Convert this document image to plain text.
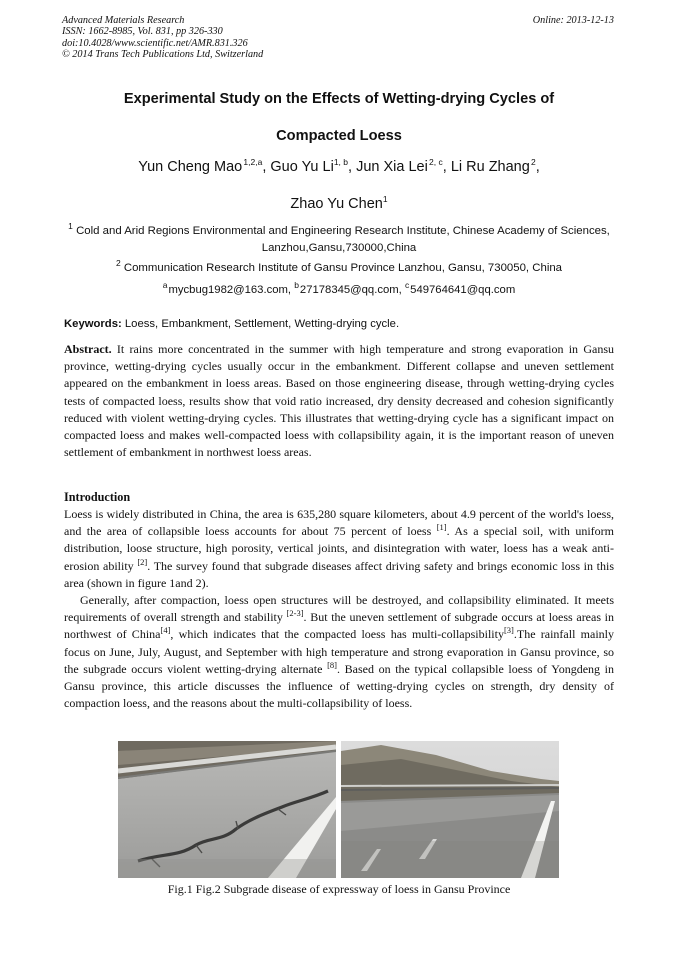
Advanced Materials Research
ISSN: 1662-8985, Vol. 831, pp 326-330
doi:10.4028/www.scientific.net/AMR.831.326
© 2014 Trans Tech Publications Ltd, Switzerland
Online: 2013-12-13
Experimental Study on the Effects of Wetting-drying Cycles of
Compacted Loess
Yun Cheng Mao $^{1,2,a}$, Guo Yu Li$^{1, b}$, Jun Xia Lei $^{2, c}$, Li Ru Zhang $^2$,
Zhao Yu Chen$^1$
$^1$ Cold and Arid Regions Environmental and Engineering Research Institute, Chinese Academy of Sciences, Lanzhou,Gansu,730000,China
$^2$ Communication Research Institute of Gansu Province Lanzhou, Gansu, 730050, China
$^a$ mycbug1982@163.com, $^b$ 27178345@qq.com, $^c$ 549764641@qq.com
Keywords: Loess, Embankment, Settlement, Wetting-drying cycle.
Abstract. It rains more concentrated in the summer with high temperature and strong evaporation in Gansu province, wetting-drying cycles usually occur in the embankment. Different collapse and uneven settlement appeared on the embankment in loess areas. Based on those engineering disease, through wetting-drying cycles tests of compacted loess, results show that void ratio increased, dry density decreased and cohesion significantly reduced with violent wetting-drying cycles. This illustrates that wetting-drying cycle has a significant impact on compacted loess and makes well-compacted loess with collapsibility again, it is the important reason of uneven settlement of embankment in northwest loess areas.
Introduction
Loess is widely distributed in China, the area is 635,280 square kilometers, about 4.9 percent of the world's loess, and the area of collapsible loess accounts for about 75 percent of loess [1]. As a special soil, with uniform distribution, loose structure, high porosity, vertical joints, and disintegration with water, loess has a weak anti-erosion ability [2]. The survey found that subgrade diseases affect driving safety and brings economic loss in this area (shown in figure 1and 2).
Generally, after compaction, loess open structures will be destroyed, and collapsibility eliminated. It meets requirements of overall strength and stability [2-3]. But the uneven settlement of subgrade occurs at loess areas in northwest of China[4], which indicates that the compacted loess has multi-collapsibility[3].The rainfall mainly focus on June, July, August, and September with high temperature and strong evaporation in Gansu province, so the subgrade occurs violent wetting-drying alternate [8]. Based on the typical collapsible loess of Yongdeng in Gansu province, this article discusses the influence of wetting-drying cycles on strength, dry density of compaction loess, and the reasons about the multi-collapsibility of loess.
Fig.1 Fig.2 Subgrade disease of expressway of loess in Gansu Province
